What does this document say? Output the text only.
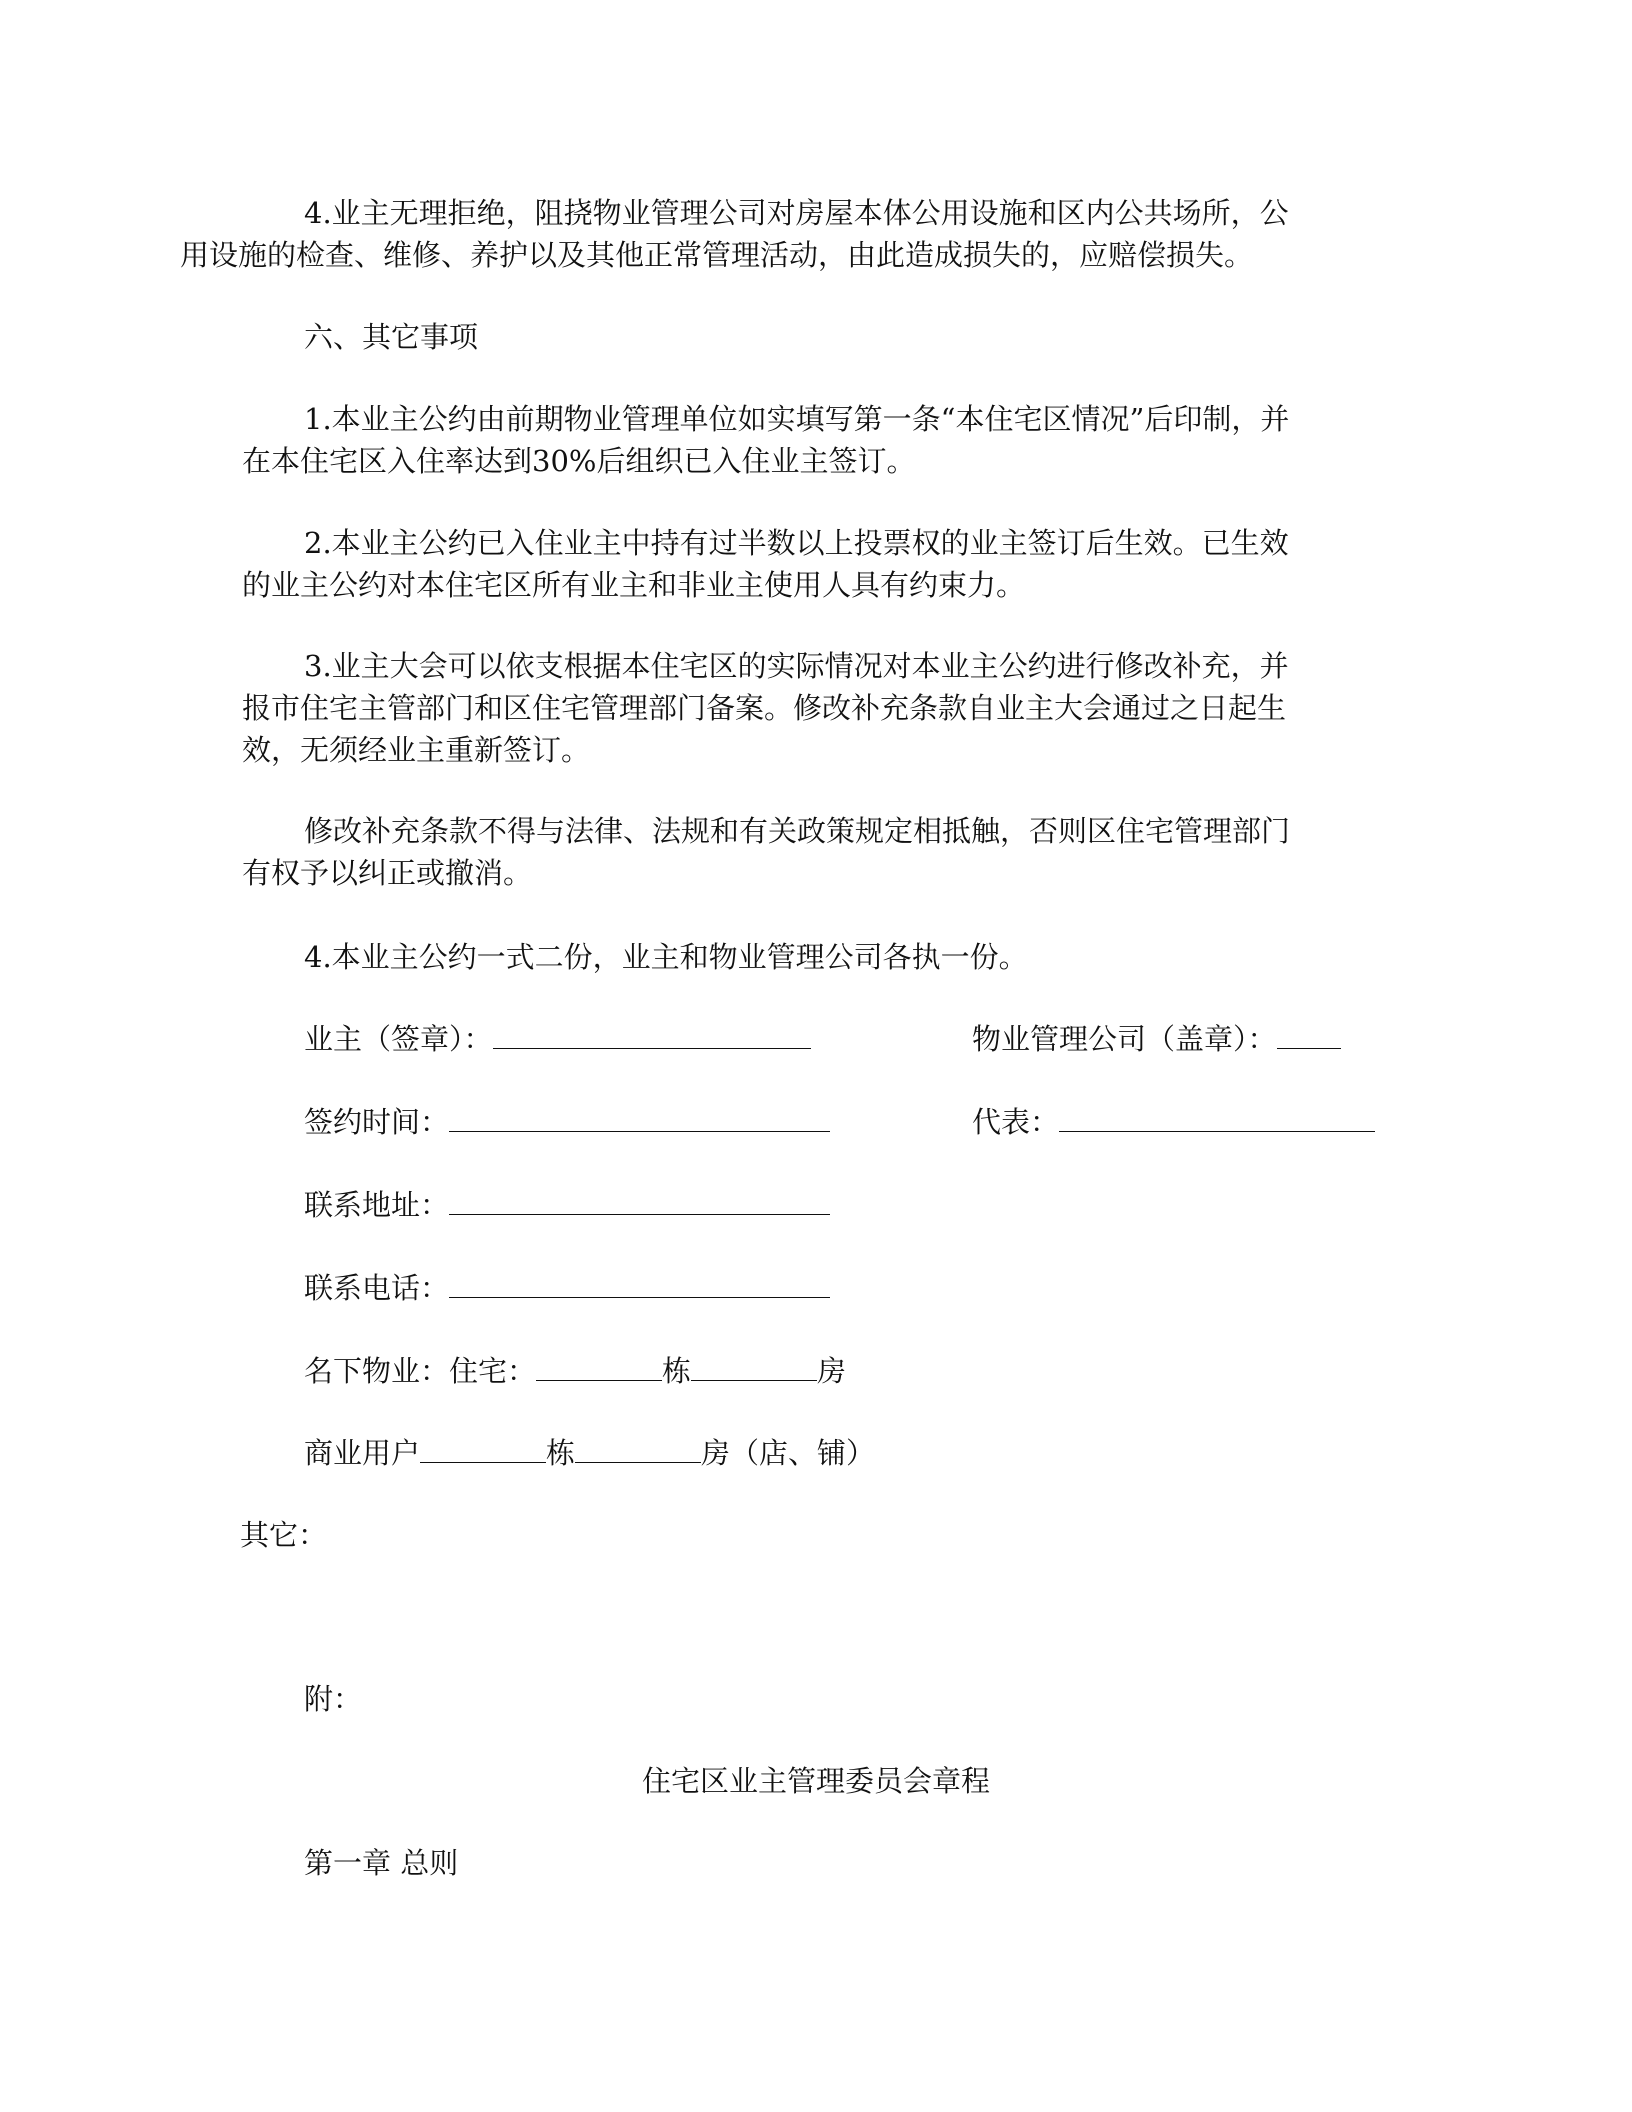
4.业主无理拒绝，阻挠物业管理公司对房屋本体公用设施和区内公共场所，公
用设施的检查、维修、养护以及其他正常管理活动，由此造成损失的，应赔偿损失。
六、其它事项
1.本业主公约由前期物业管理单位如实填写第一条“本住宅区情况”后印制，并
在本住宅区入住率达到30%后组织已入住业主签订。
2.本业主公约已入住业主中持有过半数以上投票权的业主签订后生效。已生效
的业主公约对本住宅区所有业主和非业主使用人具有约束力。
3.业主大会可以依支根据本住宅区的实际情况对本业主公约进行修改补充，并
报市住宅主管部门和区住宅管理部门备案。修改补充条款自业主大会通过之日起生
效，无须经业主重新签订。
修改补充条款不得与法律、法规和有关政策规定相抵触，否则区住宅管理部门
有权予以纠正或撤消。
4.本业主公约一式二份，业主和物业管理公司各执一份。
业主（签章）：	物业管理公司（盖章）：
签约时间：	代表：
联系地址：
联系电话：
名下物业：住宅：	栋	房
商业用户	栋	房（店、铺）
其它：
附：
住宅区业主管理委员会章程
第一章 总则
